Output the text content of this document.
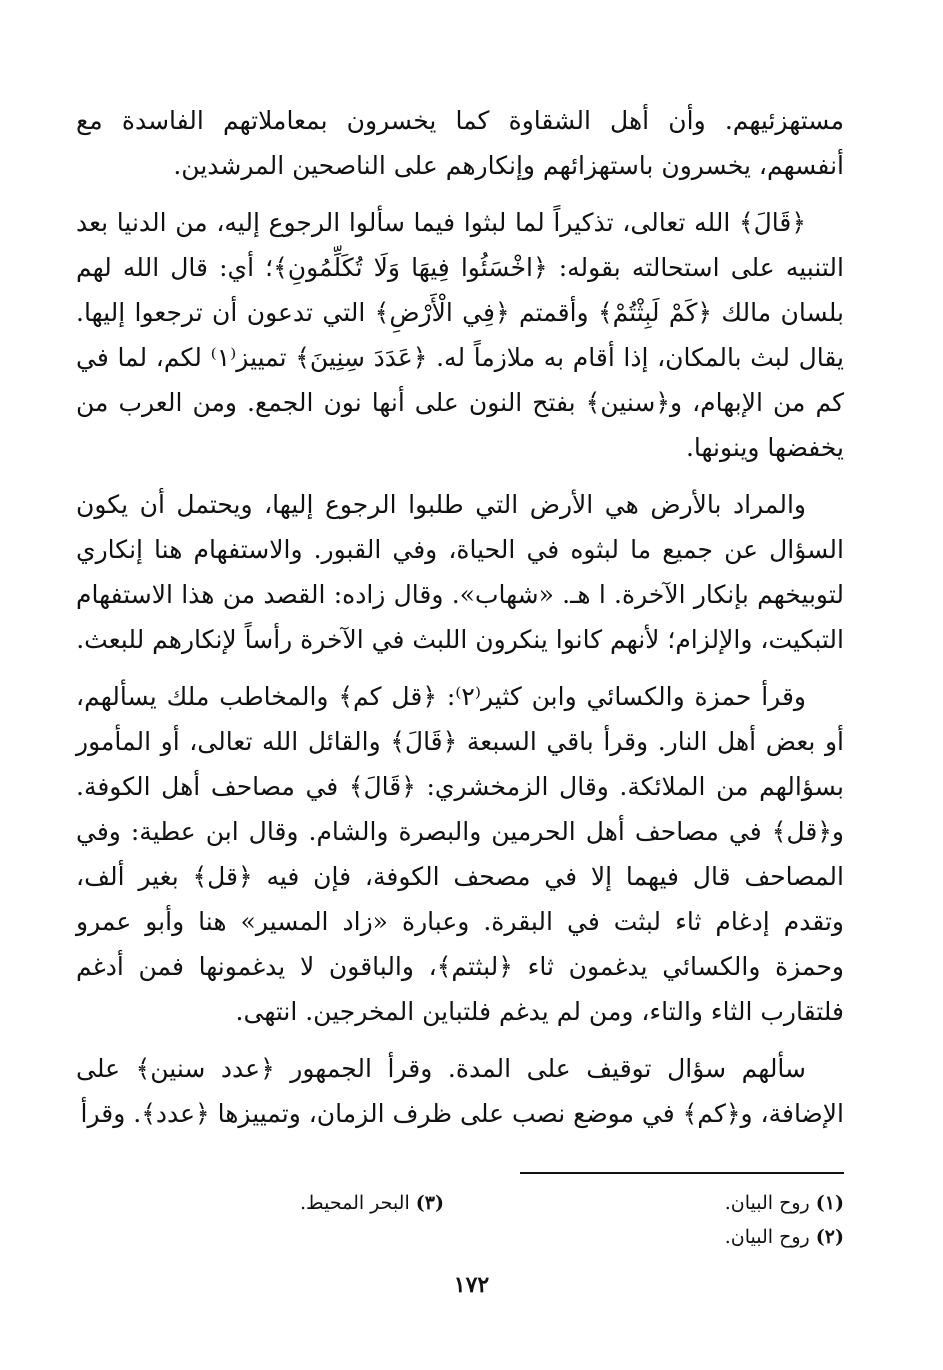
مستهزئيهم. وأن أهل الشقاوة كما يخسرون بمعاملاتهم الفاسدة مع أنفسهم، يخسرون باستهزائهم وإنكارهم على الناصحين المرشدين.

﴿قَالَ﴾ الله تعالى، تذكيراً لما لبثوا فيما سألوا الرجوع إليه، من الدنيا بعد التنبيه على استحالته بقوله: ﴿اخْسَئُوا فِيهَا وَلَا تُكَلِّمُونِ﴾؛ أي: قال الله لهم بلسان مالك ﴿كَمْ لَبِثْتُمْ﴾ وأقمتم ﴿فِي الْأَرْضِ﴾ التي تدعون أن ترجعوا إليها. يقال لبث بالمكان، إذا أقام به ملازماً له. ﴿عَدَدَ سِنِينَ﴾ تمييز⁽١⁾ لكم، لما في كم من الإبهام، و﴿سنين﴾ بفتح النون على أنها نون الجمع. ومن العرب من يخفضها وينونها.

والمراد بالأرض هي الأرض التي طلبوا الرجوع إليها، ويحتمل أن يكون السؤال عن جميع ما لبثوه في الحياة، وفي القبور. والاستفهام هنا إنكاري لتوبيخهم بإنكار الآخرة. ا هـ. «شهاب». وقال زاده: القصد من هذا الاستفهام التبكيت، والإلزام؛ لأنهم كانوا ينكرون اللبث في الآخرة رأساً لإنكارهم للبعث.

وقرأ حمزة والكسائي وابن كثير⁽٢⁾: ﴿قل كم﴾ والمخاطب ملك يسألهم، أو بعض أهل النار. وقرأ باقي السبعة ﴿قَالَ﴾ والقائل الله تعالى، أو المأمور بسؤالهم من الملائكة. وقال الزمخشري: ﴿قَالَ﴾ في مصاحف أهل الكوفة. و﴿قل﴾ في مصاحف أهل الحرمين والبصرة والشام. وقال ابن عطية: وفي المصاحف قال فيهما إلا في مصحف الكوفة، فإن فيه ﴿قل﴾ بغير ألف، وتقدم إدغام ثاء لبثت في البقرة. وعبارة «زاد المسير» هنا وأبو عمرو وحمزة والكسائي يدغمون ثاء ﴿لبثتم﴾، والباقون لا يدغمونها فمن أدغم فلتقارب الثاء والتاء، ومن لم يدغم فلتباين المخرجين. انتهى.

سألهم سؤال توقيف على المدة. وقرأ الجمهور ﴿عدد سنين﴾ على الإضافة، و﴿كم﴾ في موضع نصب على ظرف الزمان، وتمييزها ﴿عدد﴾. وقرأ

(١) روح البيان.
(٢) روح البيان.
(٣) البحر المحيط.
١٧٢
